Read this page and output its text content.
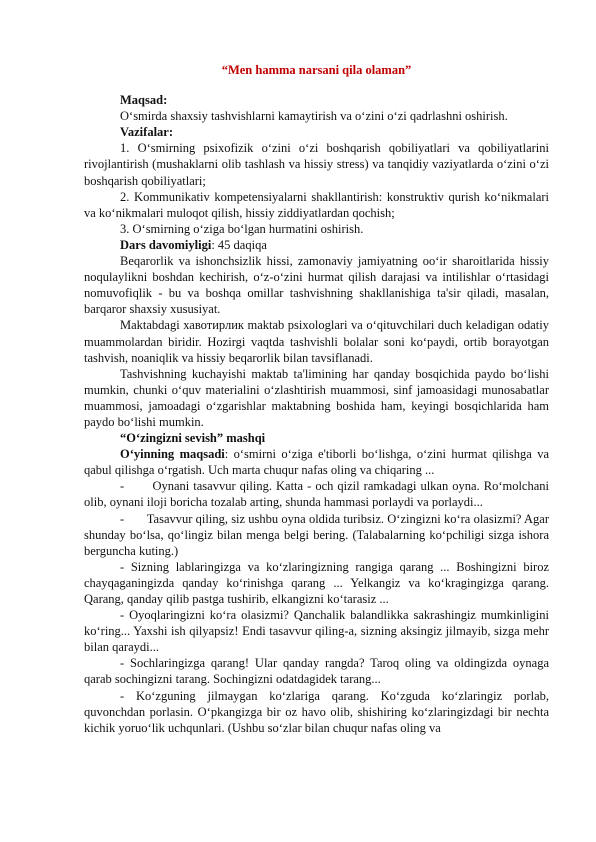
“Men hamma narsani qila olaman”

Maqsad:

O‘smirda shaxsiy tashvishlarni kamaytirish va o‘zini o‘zi qadrlashni oshirish.

Vazifalar:

1. O‘smirning psixofizik o‘zini o‘zi boshqarish qobiliyatlari va qobiliyatlarini rivojlantirish (mushaklarni olib tashlash va hissiy stress) va tanqidiy vaziyatlarda o‘zini o‘zi boshqarish qobiliyatlari;

2. Kommunikativ kompetensiyalarni shakllantirish: konstruktiv qurish ko‘nikmalari va ko‘nikmalari muloqot qilish, hissiy ziddiyatlardan qochish;

3. O‘smirning o‘ziga bo‘lgan hurmatini oshirish.

Dars davomiyligi: 45 daqiqa

Beqarorlik va ishonchsizlik hissi, zamonaviy jamiyatning oo‘ir sharoitlarida hissiy noqulaylikni boshdan kechirish, o‘z-o‘zini hurmat qilish darajasi va intilishlar o‘rtasidagi nomuvofiqlik - bu va boshqa omillar tashvishning shakllanishiga ta'sir qiladi, masalan, barqaror shaxsiy xususiyat.

Maktabdagi хавотирлик maktab psixologlari va o‘qituvchilari duch keladigan odatiy muammolardan biridir. Hozirgi vaqtda tashvishli bolalar soni ko‘paydi, ortib borayotgan tashvish, noaniqlik va hissiy beqarorlik bilan tavsiflanadi.

Tashvishning kuchayishi maktab ta'limining har qanday bosqichida paydo bo‘lishi mumkin, chunki o‘quv materialini o‘zlashtirish muammosi, sinf jamoasidagi munosabatlar muammosi, jamoadagi o‘zgarishlar maktabning boshida ham, keyingi bosqichlarida ham paydo bo‘lishi mumkin.

“O‘zingizni sevish” mashqi

O‘yinning maqsadi: o‘smirni o‘ziga e'tiborli bo‘lishga, o‘zini hurmat qilishga va qabul qilishga o‘rgatish. Uch marta chuqur nafas oling va chiqaring ...

-       Oynani tasavvur qiling. Katta - och qizil ramkadagi ulkan oyna. Ro‘molchani olib, oynani iloji boricha tozalab arting, shunda hammasi porlaydi va porlaydi...

-       Tasavvur qiling, siz ushbu oyna oldida turibsiz. O‘zingizni ko‘ra olasizmi? Agar shunday bo‘lsa, qo‘lingiz bilan menga belgi bering. (Talabalarning ko‘pchiligi sizga ishora berguncha kuting.)

- Sizning lablaringizga va ko‘zlaringizning rangiga qarang ... Boshingizni biroz chayqaganingizda qanday ko‘rinishga qarang ... Yelkangiz va ko‘kragingizga qarang. Qarang, qanday qilib pastga tushirib, elkangizni ko‘tarasiz ...

- Oyoqlaringizni ko‘ra olasizmi? Qanchalik balandlikka sakrashingiz mumkinligini ko‘ring... Yaxshi ish qilyapsiz! Endi tasavvur qiling-a, sizning aksingiz jilmayib, sizga mehr bilan qaraydi...

- Sochlaringizga qarang! Ular qanday rangda? Taroq oling va oldingizda oynaga qarab sochingizni tarang. Sochingizni odatdagidek tarang...

- Ko‘zguning jilmaygan ko‘zlariga qarang. Ko‘zguda ko‘zlaringiz porlab, quvonchdan porlasin. O‘pkangizga bir oz havo olib, shishiring ko‘zlaringizdagi bir nechta kichik yoruo‘lik uchqunlari. (Ushbu so‘zlar bilan chuqur nafas oling va
